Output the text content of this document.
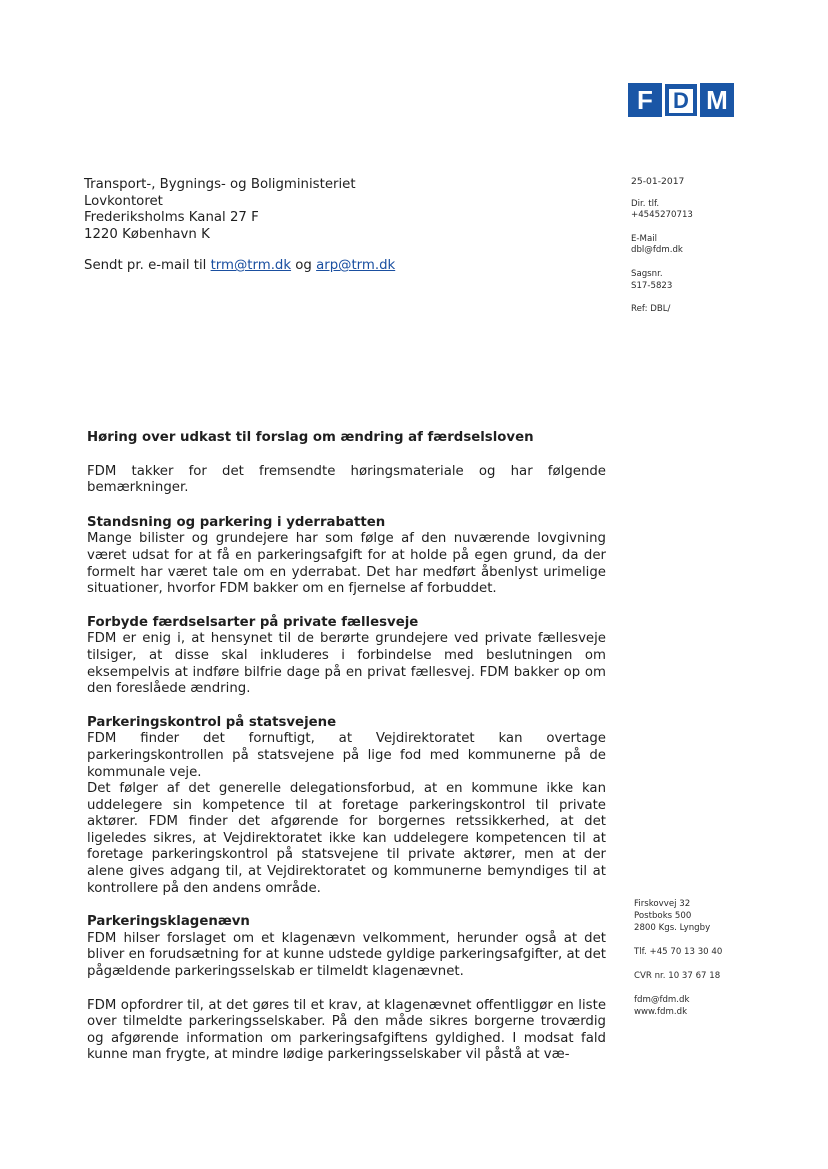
F D M
Transport-, Bygnings- og Boligministeriet
Lovkontoret
Frederiksholms Kanal 27 F
1220 København K
Sendt pr. e-mail til trm@trm.dk og arp@trm.dk
25-01-2017
Dir. tlf.
+4545270713
E-Mail
dbl@fdm.dk
Sagsnr.
S17-5823
Ref: DBL/
Høring over udkast til forslag om ændring af færdselsloven

FDM takker for det fremsendte høringsmateriale og har følgende bemærkninger.

Standsning og parkering i yderrabatten

Mange bilister og grundejere har som følge af den nuværende lovgivning været udsat for at få en parkeringsafgift for at holde på egen grund, da der formelt har været tale om en yderrabat. Det har medført åbenlyst urimelige situationer, hvorfor FDM bakker om en fjernelse af forbuddet.

Forbyde færdselsarter på private fællesveje

FDM er enig i, at hensynet til de berørte grundejere ved private fællesveje tilsiger, at disse skal inkluderes i forbindelse med beslutningen om eksempelvis at indføre bilfrie dage på en privat fællesvej. FDM bakker op om den foreslåede ændring.

Parkeringskontrol på statsvejene

FDM finder det fornuftigt, at Vejdirektoratet kan overtage parkeringskontrollen på statsvejene på lige fod med kommunerne på de kommunale veje.

Det følger af det generelle delegationsforbud, at en kommune ikke kan uddelegere sin kompetence til at foretage parkeringskontrol til private aktører. FDM finder det afgørende for borgernes retssikkerhed, at det ligeledes sikres, at Vejdirektoratet ikke kan uddelegere kompetencen til at foretage parkeringskontrol på statsvejene til private aktører, men at der alene gives adgang til, at Vejdirektoratet og kommunerne bemyndiges til at kontrollere på den andens område.

Parkeringsklagenævn

FDM hilser forslaget om et klagenævn velkomment, herunder også at det bliver en forudsætning for at kunne udstede gyldige parkeringsafgifter, at det pågældende parkeringsselskab er tilmeldt klagenævnet.

FDM opfordrer til, at det gøres til et krav, at klagenævnet offentliggør en liste over tilmeldte parkeringsselskaber. På den måde sikres borgerne troværdig og afgørende information om parkeringsafgiftens gyldighed. I modsat fald kunne man frygte, at mindre lødige parkeringsselskaber vil påstå at væ-

Firskovvej 32
Postboks 500
2800 Kgs. Lyngby
Tlf. +45 70 13 30 40
CVR nr. 10 37 67 18
fdm@fdm.dk
www.fdm.dk
